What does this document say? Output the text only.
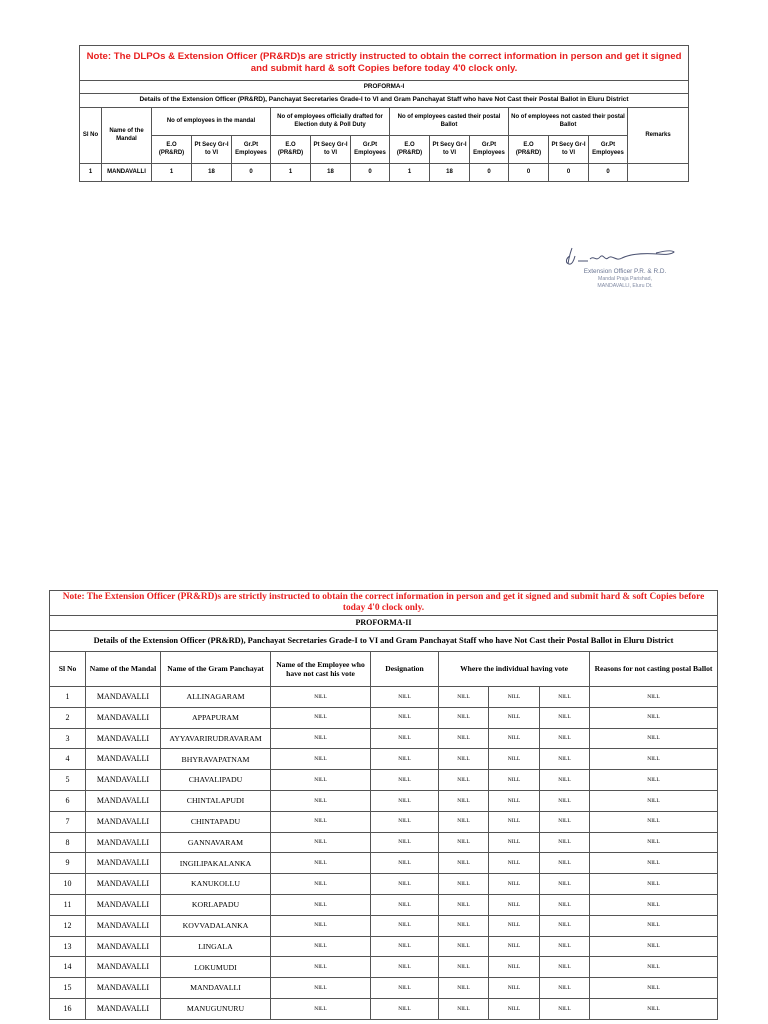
Note: The DLPOs & Extension Officer (PR&RD)s are strictly instructed to obtain the correct information in person and get it signed and submit hard & soft Copies before today 4'0 clock only.														
PROFORMA-I														
Details of the Extension Officer (PR&RD), Panchayat Secretaries Grade-I to VI and Gram Panchayat Staff who have Not Cast their Postal Ballot in Eluru District														
Sl No	Name of the Mandal	No of employees in the mandal			No of employees officially drafted for Election duty & Poll Duty			No of employees casted their postal Ballot			No of employees not casted their postal Ballot			Remarks
		E.O (PR&RD)	Pt Secy Gr-I to VI	Gr.Pt Employees	E.O (PR&RD)	Pt Secy Gr-I to VI	Gr.Pt Employees	E.O (PR&RD)	Pt Secy Gr-I to VI	Gr.Pt Employees	E.O (PR&RD)	Pt Secy Gr-I to VI	Gr.Pt Employees	
1	MANDAVALLI	1	18	0	1	18	0	1	18	0	0	0	0	
Extension Officer P.R. & R.D.
Mandal Praja Parishad,
MANDAVALLI, Eluru Dt.
Note: The Extension Officer (PR&RD)s are strictly instructed to obtain the correct information in person and get it signed and submit hard & soft Copies before today 4'0 clock only.								
PROFORMA-II								
Details of the Extension Officer (PR&RD), Panchayat Secretaries Grade-I to VI and Gram Panchayat Staff who have Not Cast their Postal Ballot in Eluru District								
Sl No	Name of the Mandal	Name of the Gram Panchayat	Name of the Employee who have not cast his vote	Designation	Where the individual having vote			Reasons for not casting postal Ballot
1	MANDAVALLI	ALLINAGARAM	NILL	NILL	NILL	NILL	NILL	NILL
2	MANDAVALLI	APPAPURAM	NILL	NILL	NILL	NILL	NILL	NILL
3	MANDAVALLI	AYYAVARIRUDRAVARAM	NILL	NILL	NILL	NILL	NILL	NILL
4	MANDAVALLI	BHYRAVAPATNAM	NILL	NILL	NILL	NILL	NILL	NILL
5	MANDAVALLI	CHAVALIPADU	NILL	NILL	NILL	NILL	NILL	NILL
6	MANDAVALLI	CHINTALAPUDI	NILL	NILL	NILL	NILL	NILL	NILL
7	MANDAVALLI	CHINTAPADU	NILL	NILL	NILL	NILL	NILL	NILL
8	MANDAVALLI	GANNAVARAM	NILL	NILL	NILL	NILL	NILL	NILL
9	MANDAVALLI	INGILIPAKALANKA	NILL	NILL	NILL	NILL	NILL	NILL
10	MANDAVALLI	KANUKOLLU	NILL	NILL	NILL	NILL	NILL	NILL
11	MANDAVALLI	KORLAPADU	NILL	NILL	NILL	NILL	NILL	NILL
12	MANDAVALLI	KOVVADALANKA	NILL	NILL	NILL	NILL	NILL	NILL
13	MANDAVALLI	LINGALA	NILL	NILL	NILL	NILL	NILL	NILL
14	MANDAVALLI	LOKUMUDI	NILL	NILL	NILL	NILL	NILL	NILL
15	MANDAVALLI	MANDAVALLI	NILL	NILL	NILL	NILL	NILL	NILL
16	MANDAVALLI	MANUGUNURU	NILL	NILL	NILL	NILL	NILL	NILL
